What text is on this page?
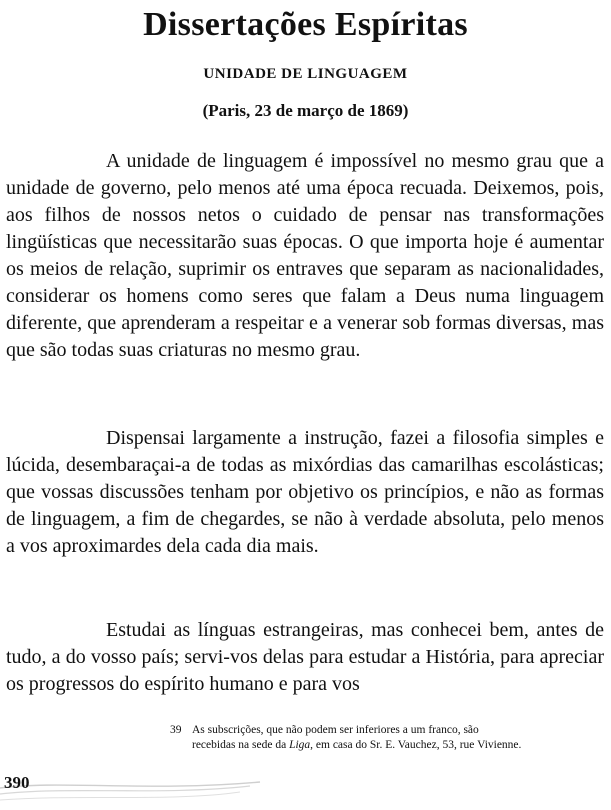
Dissertações Espíritas
UNIDADE DE LINGUAGEM
(Paris, 23 de março de 1869)

A unidade de linguagem é impossível no mesmo grau que a unidade de governo, pelo menos até uma época recuada. Deixemos, pois, aos filhos de nossos netos o cuidado de pensar nas transformações lingüísticas que necessitarão suas épocas. O que importa hoje é aumentar os meios de relação, suprimir os entraves que separam as nacionalidades, considerar os homens como seres que falam a Deus numa linguagem diferente, que aprenderam a respeitar e a venerar sob formas diversas, mas que são todas suas criaturas no mesmo grau.

Dispensai largamente a instrução, fazei a filosofia simples e lúcida, desembaraçai-a de todas as mixórdias das camarilhas escolásticas; que vossas discussões tenham por objetivo os princípios, e não as formas de linguagem, a fim de chegardes, se não à verdade absoluta, pelo menos a vos aproximardes dela cada dia mais.

Estudai as línguas estrangeiras, mas conhecei bem, antes de tudo, a do vosso país; servi-vos delas para estudar a História, para apreciar os progressos do espírito humano e para vos

39 As subscrições, que não podem ser inferiores a um franco, são
recebidas na sede da Liga, em casa do Sr. E. Vauchez, 53, rue Vivienne.
390
